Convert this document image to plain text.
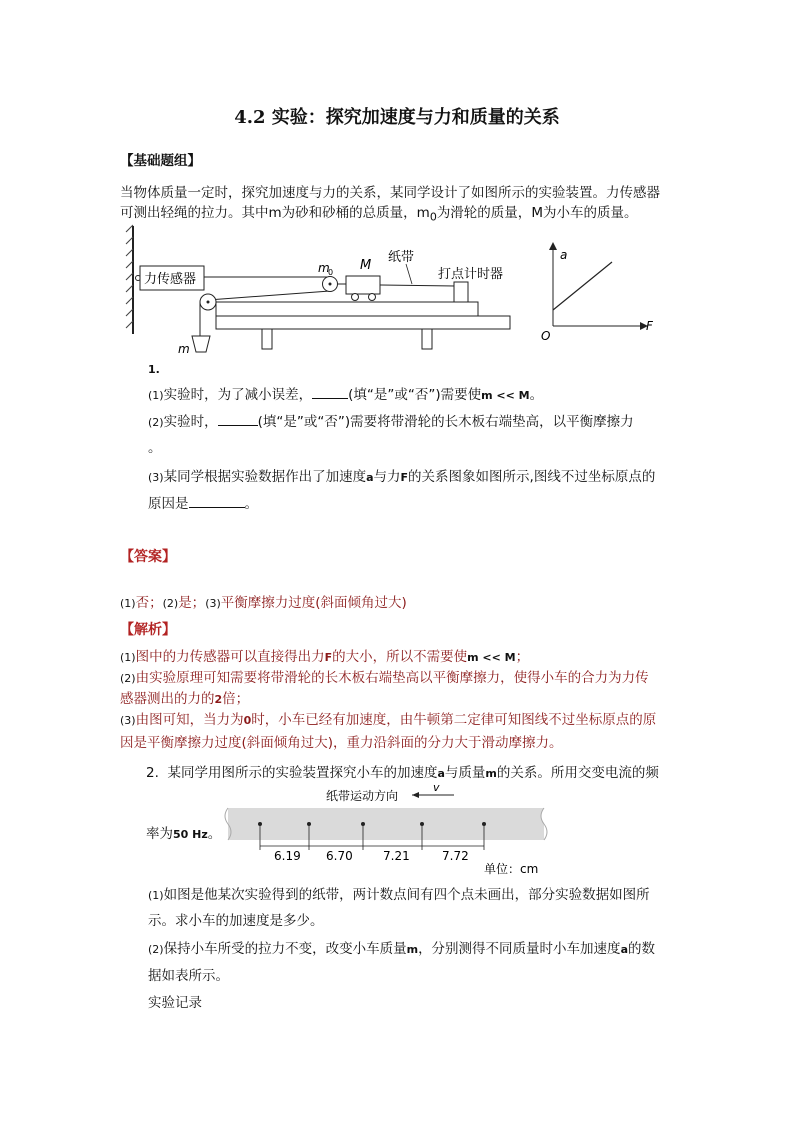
4.2 实验：探究加速度与力和质量的关系
【基础题组】
当物体质量一定时，探究加速度与力的关系，某同学设计了如图所示的实验装置。力传感器
可测出轻绳的拉力。其中m为砂和砂桶的总质量，$m_0$为滑轮的质量，M为小车的质量。
力传感器
m
0 M
纸带
打点计时器
m
a
F
O
1.
(1)实验时，为了减小误差，	(填“是”或“否”)需要使m << M。
(2)实验时，	(填“是”或“否”)需要将带滑轮的长木板右端垫高，以平衡摩擦力
。
(3)某同学根据实验数据作出了加速度a与力F的关系图象如图所示,图线不过坐标原点的
原因是	。
【答案】
(1)否；(2)是；(3)平衡摩擦力过度(斜面倾角过大)
【解析】
(1)图中的力传感器可以直接得出力F的大小，所以不需要使m << M；
(2)由实验原理可知需要将带滑轮的长木板右端垫高以平衡摩擦力，使得小车的合力为力传
感器测出的力的2倍；
(3)由图可知，当力为0时，小车已经有加速度，由牛顿第二定律可知图线不过坐标原点的原
因是平衡摩擦力过度(斜面倾角过大)，重力沿斜面的分力大于滑动摩擦力。
2. 某同学用图所示的实验装置探究小车的加速度a与质量m的关系。所用交变电流的频
率为50 Hz。
纸带运动方向
v
6.19 6.70	7.21	7.72
单位：cm
(1)如图是他某次实验得到的纸带，两计数点间有四个点未画出，部分实验数据如图所
示。求小车的加速度是多少。
(2)保持小车所受的拉力不变，改变小车质量m，分别测得不同质量时小车加速度a的数
据如表所示。
实验记录
